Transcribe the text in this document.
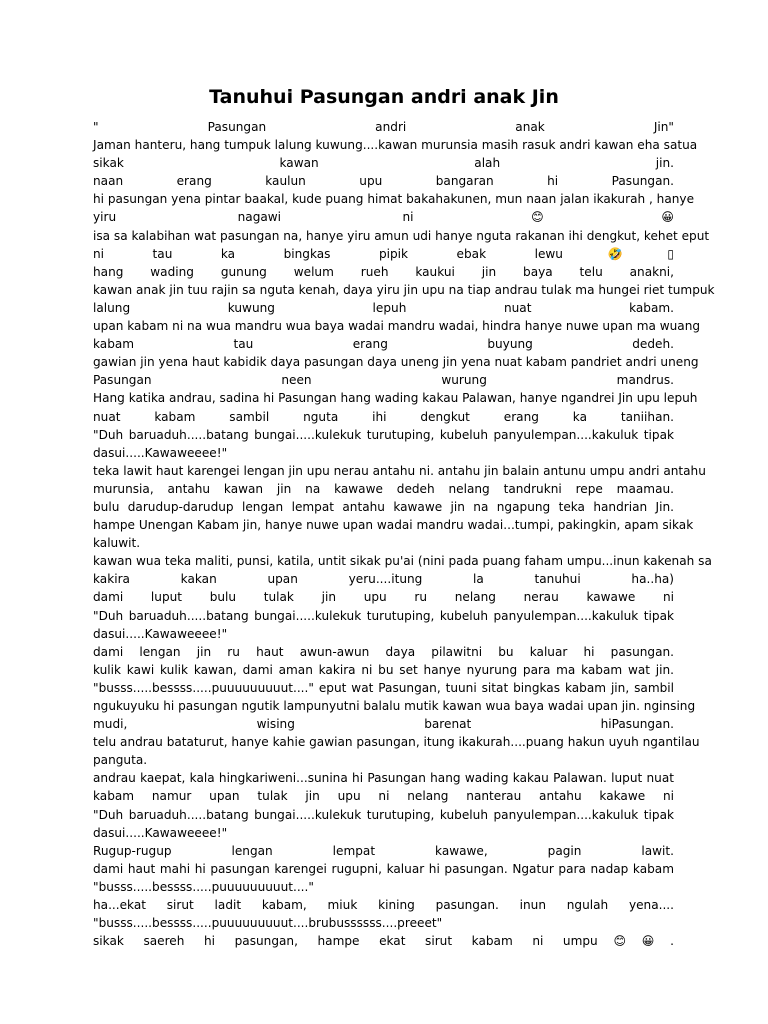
Tanuhui Pasungan andri anak Jin
" Pasungan andri anak Jin"
Jaman hanteru, hang tumpuk lalung kuwung....kawan murunsia masih rasuk andri kawan eha satua
sikak kawan alah jin.
naan erang kaulun upu bangaran hi Pasungan.
hi pasungan yena pintar baakal, kude puang himat bakahakunen, mun naan jalan ikakurah , hanye
yiru nagawi ni😊😀
isa sa kalabihan wat pasungan na, hanye yiru amun udi hanye nguta rakanan ihi dengkut, kehet eput
ni tau ka bingkas pipik ebak lewu🤣▯
hang wading gunung welum rueh kaukui jin baya telu anakni,
kawan anak jin tuu rajin sa nguta kenah, daya yiru jin upu na tiap andrau tulak ma hungei riet tumpuk
lalung kuwung lepuh nuat kabam.
upan kabam ni na wua mandru wua baya wadai mandru wadai, hindra hanye nuwe upan ma wuang
kabam tau erang buyung dedeh.
gawian jin yena haut kabidik daya pasungan daya uneng jin yena nuat kabam pandriet andri uneng
Pasungan neen wurung mandrus.
Hang katika andrau, sadina hi Pasungan hang wading kakau Palawan, hanye ngandrei Jin upu lepuh
nuat kabam sambil nguta ihi dengkut erang ka taniihan.
"Duh baruaduh.....batang bungai.....kulekuk turutuping, kubeluh panyulempan....kakuluk tipak
dasui.....Kawaweeee!"
teka lawit haut karengei lengan jin upu nerau antahu ni. antahu jin balain antunu umpu andri antahu
murunsia, antahu kawan jin na kawawe dedeh nelang tandrukni repe maamau.
bulu darudup-darudup lengan lempat antahu kawawe jin na ngapung teka handrian Jin.
hampe Unengan Kabam jin, hanye nuwe upan wadai mandru wadai...tumpi, pakingkin, apam sikak
kaluwit.
kawan wua teka maliti, punsi, katila, untit sikak pu'ai (nini pada puang faham umpu...inun kakenah sa
kakira kakan upan yeru....itung la tanuhui ha..ha)
dami luput bulu tulak jin upu ru nelang nerau kawawe ni
"Duh baruaduh.....batang bungai.....kulekuk turutuping, kubeluh panyulempan....kakuluk tipak
dasui.....Kawaweeee!"
dami lengan jin ru haut awun-awun daya pilawitni bu kaluar hi pasungan.
kulik kawi kulik kawan, dami aman kakira ni bu set hanye nyurung para ma kabam wat jin.
"busss.....bessss.....puuuuuuuuut...." eput wat Pasungan, tuuni sitat bingkas kabam jin, sambil
ngukuyuku hi pasungan ngutik lampunyutni balalu mutik kawan wua baya wadai upan jin. nginsing
mudi, wising barenat hiPasungan.
telu andrau bataturut, hanye kahie gawian pasungan, itung ikakurah....puang hakun uyuh ngantilau
panguta.
andrau kaepat, kala hingkariweni...sunina hi Pasungan hang wading kakau Palawan. luput nuat
kabam namur upan tulak jin upu ni nelang nanterau antahu kakawe ni
"Duh baruaduh.....batang bungai.....kulekuk turutuping, kubeluh panyulempan....kakuluk tipak
dasui.....Kawaweeee!"
Rugup-rugup lengan lempat kawawe, pagin lawit.
dami haut mahi hi pasungan karengei rugupni, kaluar hi pasungan. Ngatur para nadap kabam
"busss.....bessss.....puuuuuuuuut...."
ha...ekat sirut ladit kabam, miuk kining pasungan. inun ngulah yena....
"busss.....bessss.....puuuuuuuuut....brubussssss....preeet"
sikak saereh hi pasungan, hampe ekat sirut kabam ni umpu😊😀.
